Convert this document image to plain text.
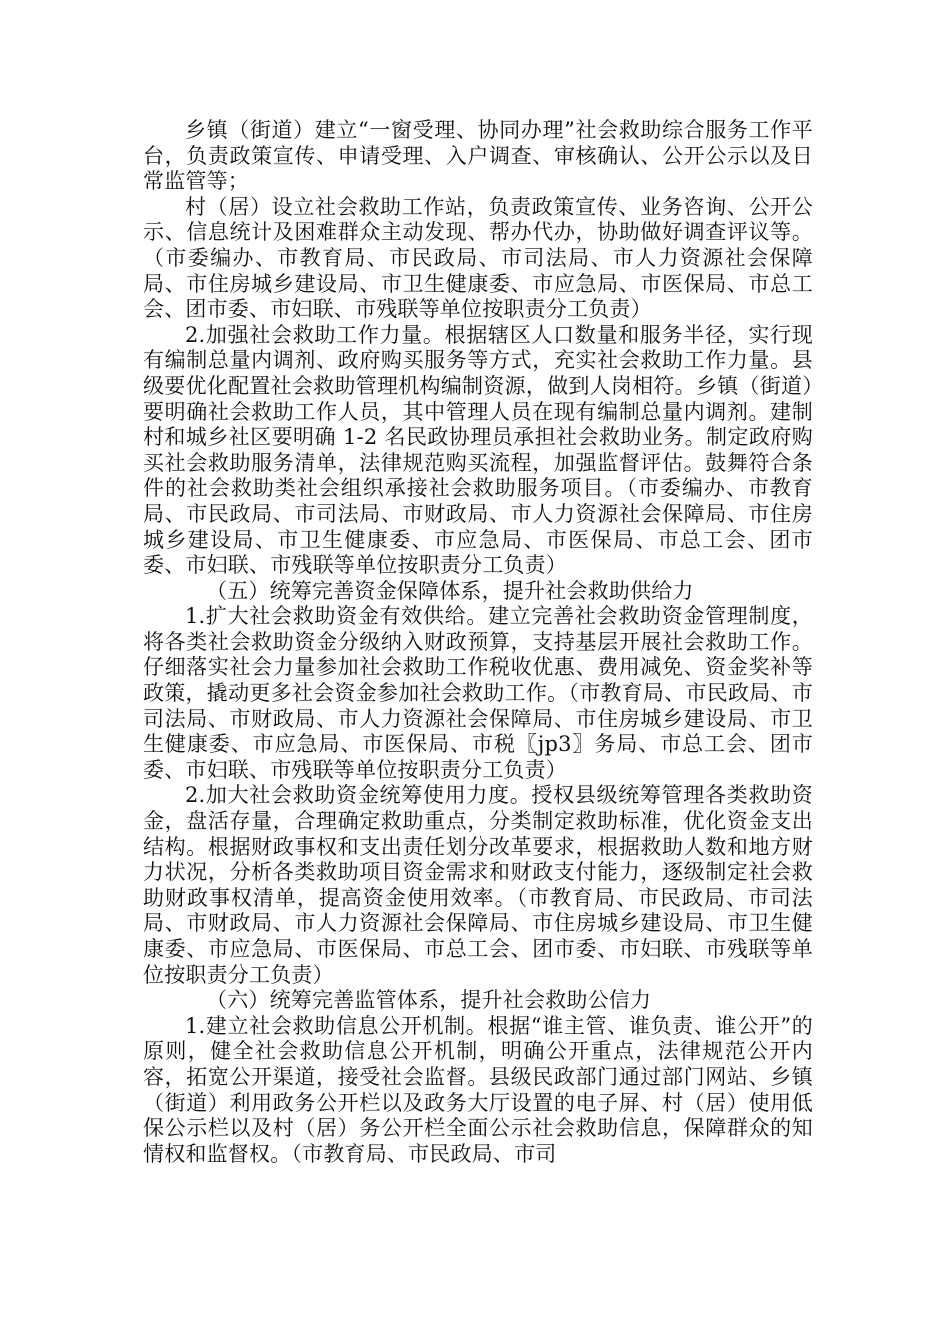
乡镇（街道）建立“一窗受理、协同办理”社会救助综合服务工作平台，负责政策宣传、申请受理、入户调查、审核确认、公开公示以及日常监管等；

村（居）设立社会救助工作站，负责政策宣传、业务咨询、公开公示、信息统计及困难群众主动发现、帮办代办，协助做好调查评议等。（市委编办、市教育局、市民政局、市司法局、市人力资源社会保障局、市住房城乡建设局、市卫生健康委、市应急局、市医保局、市总工会、团市委、市妇联、市残联等单位按职责分工负责）

2.加强社会救助工作力量。根据辖区人口数量和服务半径，实行现有编制总量内调剂、政府购买服务等方式，充实社会救助工作力量。县级要优化配置社会救助管理机构编制资源，做到人岗相符。乡镇（街道）要明确社会救助工作人员，其中管理人员在现有编制总量内调剂。建制村和城乡社区要明确 1-2 名民政协理员承担社会救助业务。制定政府购买社会救助服务清单，法律规范购买流程，加强监督评估。鼓舞符合条件的社会救助类社会组织承接社会救助服务项目。（市委编办、市教育局、市民政局、市司法局、市财政局、市人力资源社会保障局、市住房城乡建设局、市卫生健康委、市应急局、市医保局、市总工会、团市委、市妇联、市残联等单位按职责分工负责）

（五）统筹完善资金保障体系，提升社会救助供给力

1.扩大社会救助资金有效供给。建立完善社会救助资金管理制度，将各类社会救助资金分级纳入财政预算，支持基层开展社会救助工作。仔细落实社会力量参加社会救助工作税收优惠、费用减免、资金奖补等政策，撬动更多社会资金参加社会救助工作。（市教育局、市民政局、市司法局、市财政局、市人力资源社会保障局、市住房城乡建设局、市卫生健康委、市应急局、市医保局、市税〖jp3〗务局、市总工会、团市委、市妇联、市残联等单位按职责分工负责）

2.加大社会救助资金统筹使用力度。授权县级统筹管理各类救助资金，盘活存量，合理确定救助重点，分类制定救助标准，优化资金支出结构。根据财政事权和支出责任划分改革要求，根据救助人数和地方财力状况，分析各类救助项目资金需求和财政支付能力，逐级制定社会救助财政事权清单，提高资金使用效率。（市教育局、市民政局、市司法局、市财政局、市人力资源社会保障局、市住房城乡建设局、市卫生健康委、市应急局、市医保局、市总工会、团市委、市妇联、市残联等单位按职责分工负责）

（六）统筹完善监管体系，提升社会救助公信力

1.建立社会救助信息公开机制。根据“谁主管、谁负责、谁公开”的原则，健全社会救助信息公开机制，明确公开重点，法律规范公开内容，拓宽公开渠道，接受社会监督。县级民政部门通过部门网站、乡镇（街道）利用政务公开栏以及政务大厅设置的电子屏、村（居）使用低保公示栏以及村（居）务公开栏全面公示社会救助信息，保障群众的知情权和监督权。（市教育局、市民政局、市司
